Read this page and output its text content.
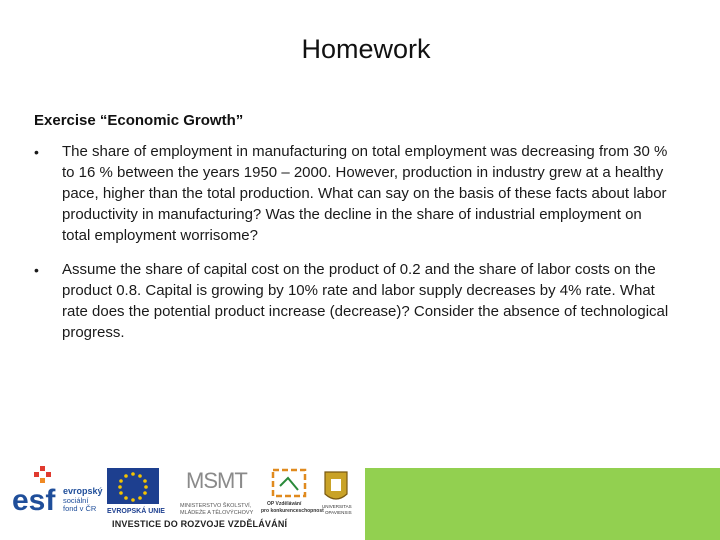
Homework
Exercise “Economic Growth”
•	The share of employment in manufacturing on total employment was decreasing from 30 % to 16 % between the years 1950 – 2000. However, production in industry grew at a healthy pace, higher than the total production. What can say on the basis of these facts about labor productivity in manufacturing? Was the decline in the share of industrial employment on total employment worrisome?
•	Assume the share of capital cost on the product of 0.2 and the share of labor costs on the product 0.8. Capital is growing by 10% rate and labor supply decreases by 4% rate. What rate does the potential product increase (decrease)? Consider the absence of technological progress.
esf evropský
sociální
fond v ČR EVROPSKÁ UNIE
MSMT
MINISTERSTVO ŠKOLSTVÍ,
MLÁDEŽE A TĚLOVÝCHOVY
OP Vzdělávání
pro konkurenceschopnost
UNIVERSITAS
OPAVIENSIS
INVESTICE DO ROZVOJE VZDĚLÁVÁNÍ
